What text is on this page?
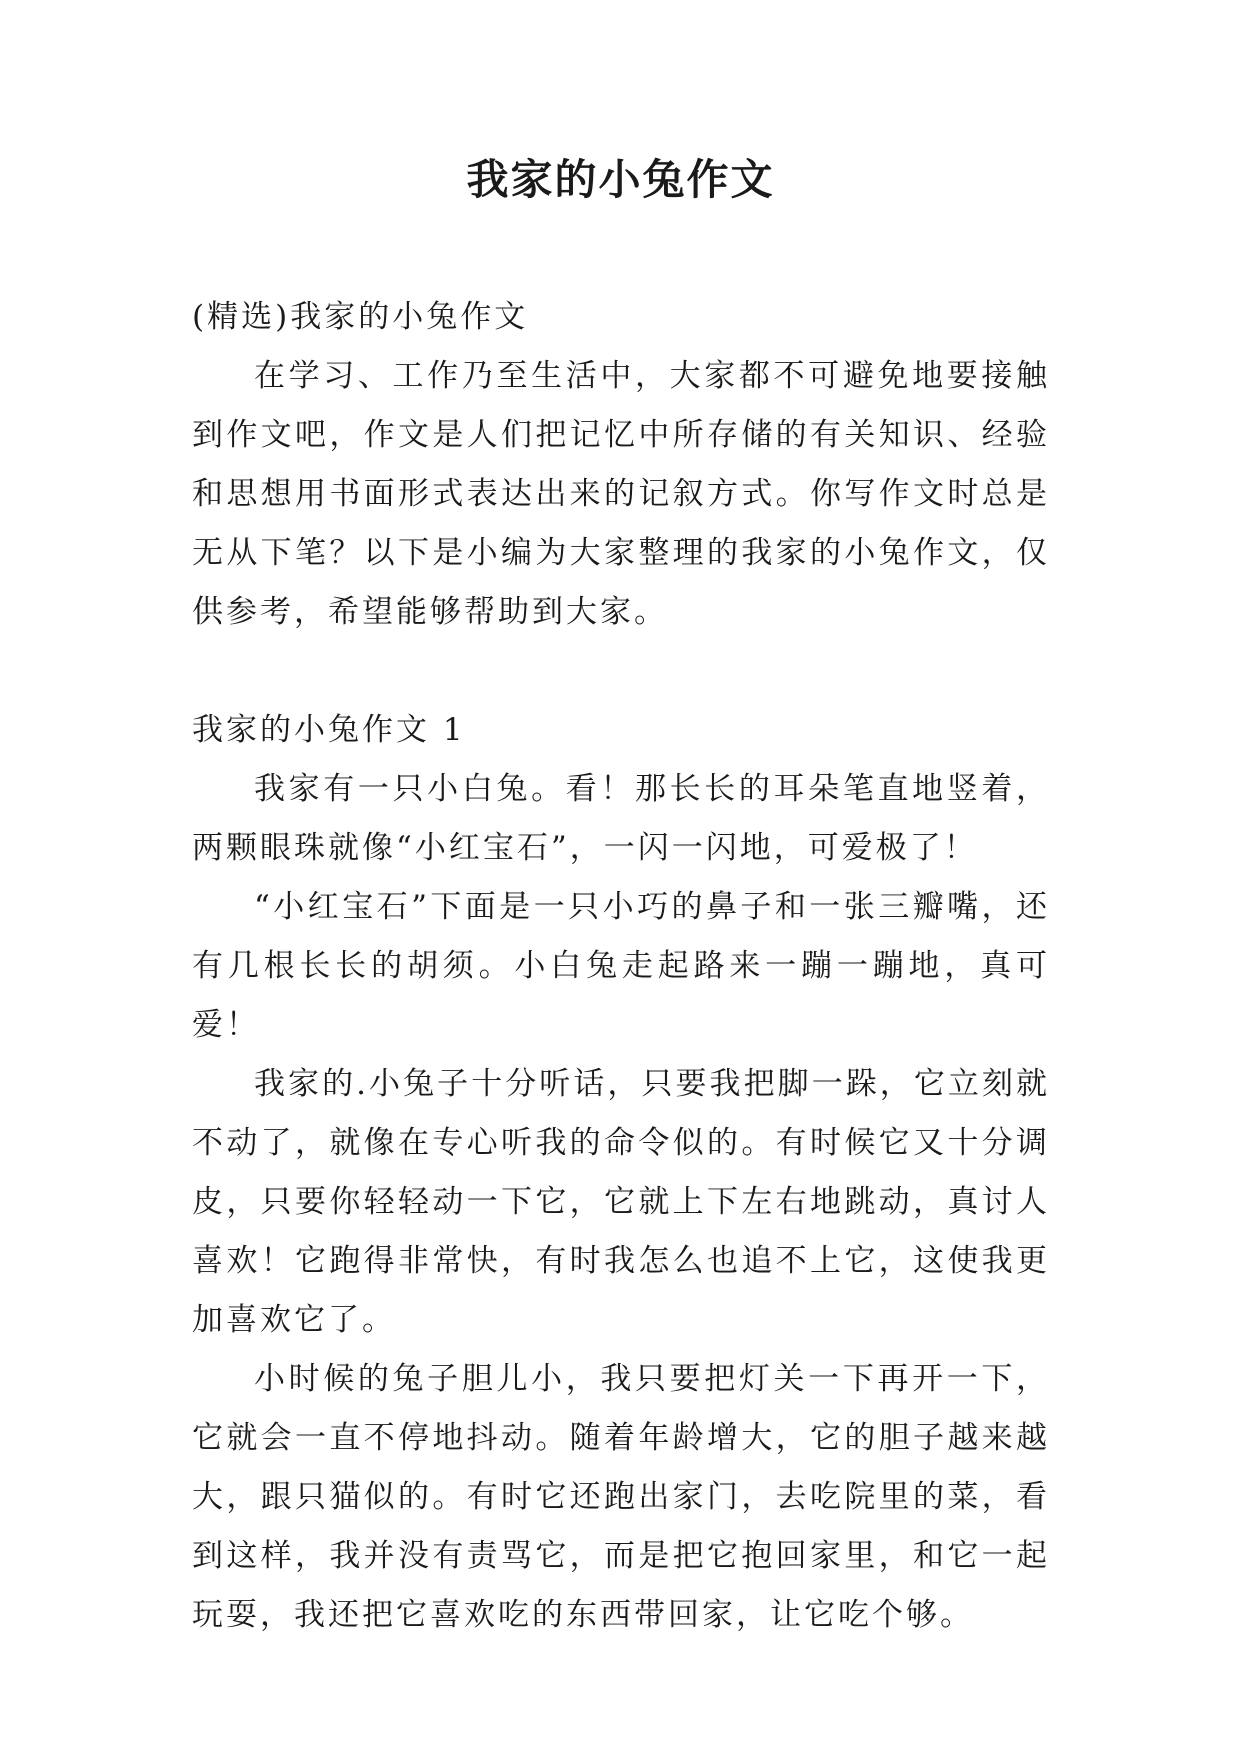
我家的小兔作文

(精选)我家的小兔作文

在学习、工作乃至生活中，大家都不可避免地要接触到作文吧，作文是人们把记忆中所存储的有关知识、经验和思想用书面形式表达出来的记叙方式。你写作文时总是无从下笔？以下是小编为大家整理的我家的小兔作文，仅供参考，希望能够帮助到大家。

我家的小兔作文 1

我家有一只小白兔。看！那长长的耳朵笔直地竖着，两颗眼珠就像“小红宝石”，一闪一闪地，可爱极了！

“小红宝石”下面是一只小巧的鼻子和一张三瓣嘴，还有几根长长的胡须。小白兔走起路来一蹦一蹦地，真可爱！

我家的.小兔子十分听话，只要我把脚一跺，它立刻就不动了，就像在专心听我的命令似的。有时候它又十分调皮，只要你轻轻动一下它，它就上下左右地跳动，真讨人喜欢！它跑得非常快，有时我怎么也追不上它，这使我更加喜欢它了。

小时候的兔子胆儿小，我只要把灯关一下再开一下，它就会一直不停地抖动。随着年龄增大，它的胆子越来越大，跟只猫似的。有时它还跑出家门，去吃院里的菜，看到这样，我并没有责骂它，而是把它抱回家里，和它一起玩耍，我还把它喜欢吃的东西带回家，让它吃个够。
